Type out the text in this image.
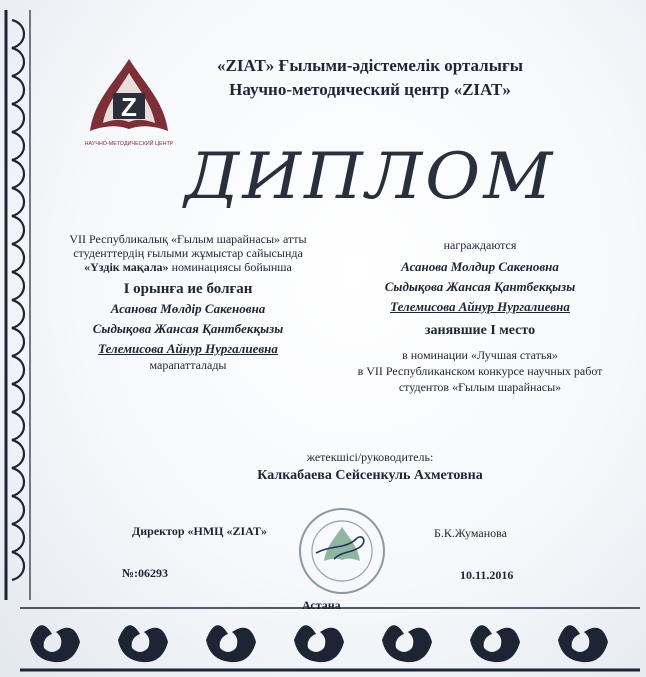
Z
НАУЧНО-МЕТОДИЧЕСКИЙ ЦЕНТР
«ZIAT» Ғылыми-әдістемелік орталығы
Научно-методический центр «ZIAT»
ДИПЛОМ
VII Республикалық «Ғылым шарайнасы» атты
студенттердің ғылыми жұмыстар сайысында
«Үздік мақала» номинациясы бойынша
І орынға ие болған
Асанова Мөлдір Сакеновна
Сыдықова Жансая Қантбекқызы
Телемисова Айнур Нургалиевна
марапатталады
награждаются
Асанова Молдир Сакеновна
Сыдықова Жансая Қантбекқызы
Телемисова Айнур Нургалиевна
занявшие І место
в номинации «Лучшая статья»
в VII Республиканском конкурсе научных работ
студентов «Ғылым шарайнасы»
жетекшісі/руководитель:
Калкабаева Сейсенкуль Ахметовна
Директор «НМЦ «ZIAT»	Б.К.Жуманова
№:06293	10.11.2016
Астана
